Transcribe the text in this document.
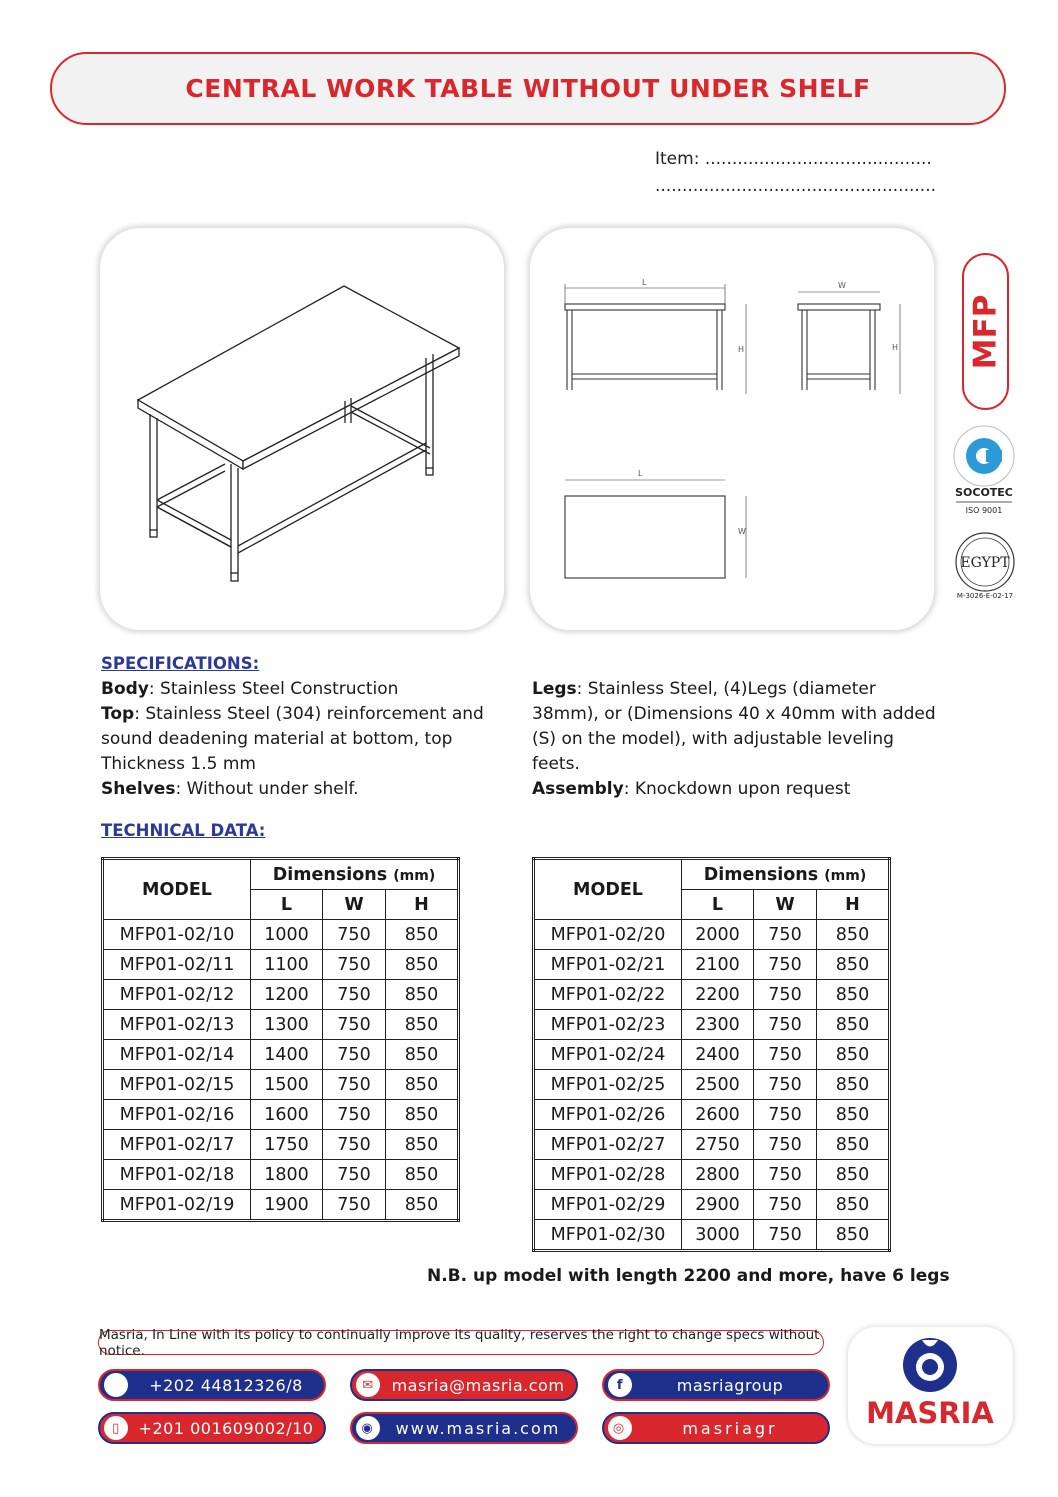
CENTRAL WORK TABLE WITHOUT UNDER SHELF
Item: ..........................................
....................................................
L	W
H	H
L
W
MFP
SOCOTEC
ISO 9001
EGYPT
M-3026-E-02-17
SPECIFICATIONS:
Body: Stainless Steel Construction
Top: Stainless Steel (304) reinforcement and sound deadening material at bottom, top Thickness 1.5 mm
Shelves: Without under shelf.
Legs: Stainless Steel, (4)Legs (diameter 38mm), or (Dimensions 40 x 40mm with added (S) on the model), with adjustable leveling feets.
Assembly: Knockdown upon request
TECHNICAL DATA:
MODEL	Dimensions (mm)		
	L	W	H
MFP01-02/10	1000	750	850
MFP01-02/11	1100	750	850
MFP01-02/12	1200	750	850
MFP01-02/13	1300	750	850
MFP01-02/14	1400	750	850
MFP01-02/15	1500	750	850
MFP01-02/16	1600	750	850
MFP01-02/17	1750	750	850
MFP01-02/18	1800	750	850
MFP01-02/19	1900	750	850
MODEL	Dimensions (mm)		
	L	W	H
MFP01-02/20	2000	750	850
MFP01-02/21	2100	750	850
MFP01-02/22	2200	750	850
MFP01-02/23	2300	750	850
MFP01-02/24	2400	750	850
MFP01-02/25	2500	750	850
MFP01-02/26	2600	750	850
MFP01-02/27	2750	750	850
MFP01-02/28	2800	750	850
MFP01-02/29	2900	750	850
MFP01-02/30	3000	750	850
N.B. up model with length 2200 and more, have 6 legs
Masria, In Line with its policy to continually improve its quality, reserves the right to change specs without notice.
☎	+202 44812326/8
▯	+201 001609002/10
✉	masria@masria.com
◉	www.masria.com
f	masriagroup
◎	masriagr	MASRIA
